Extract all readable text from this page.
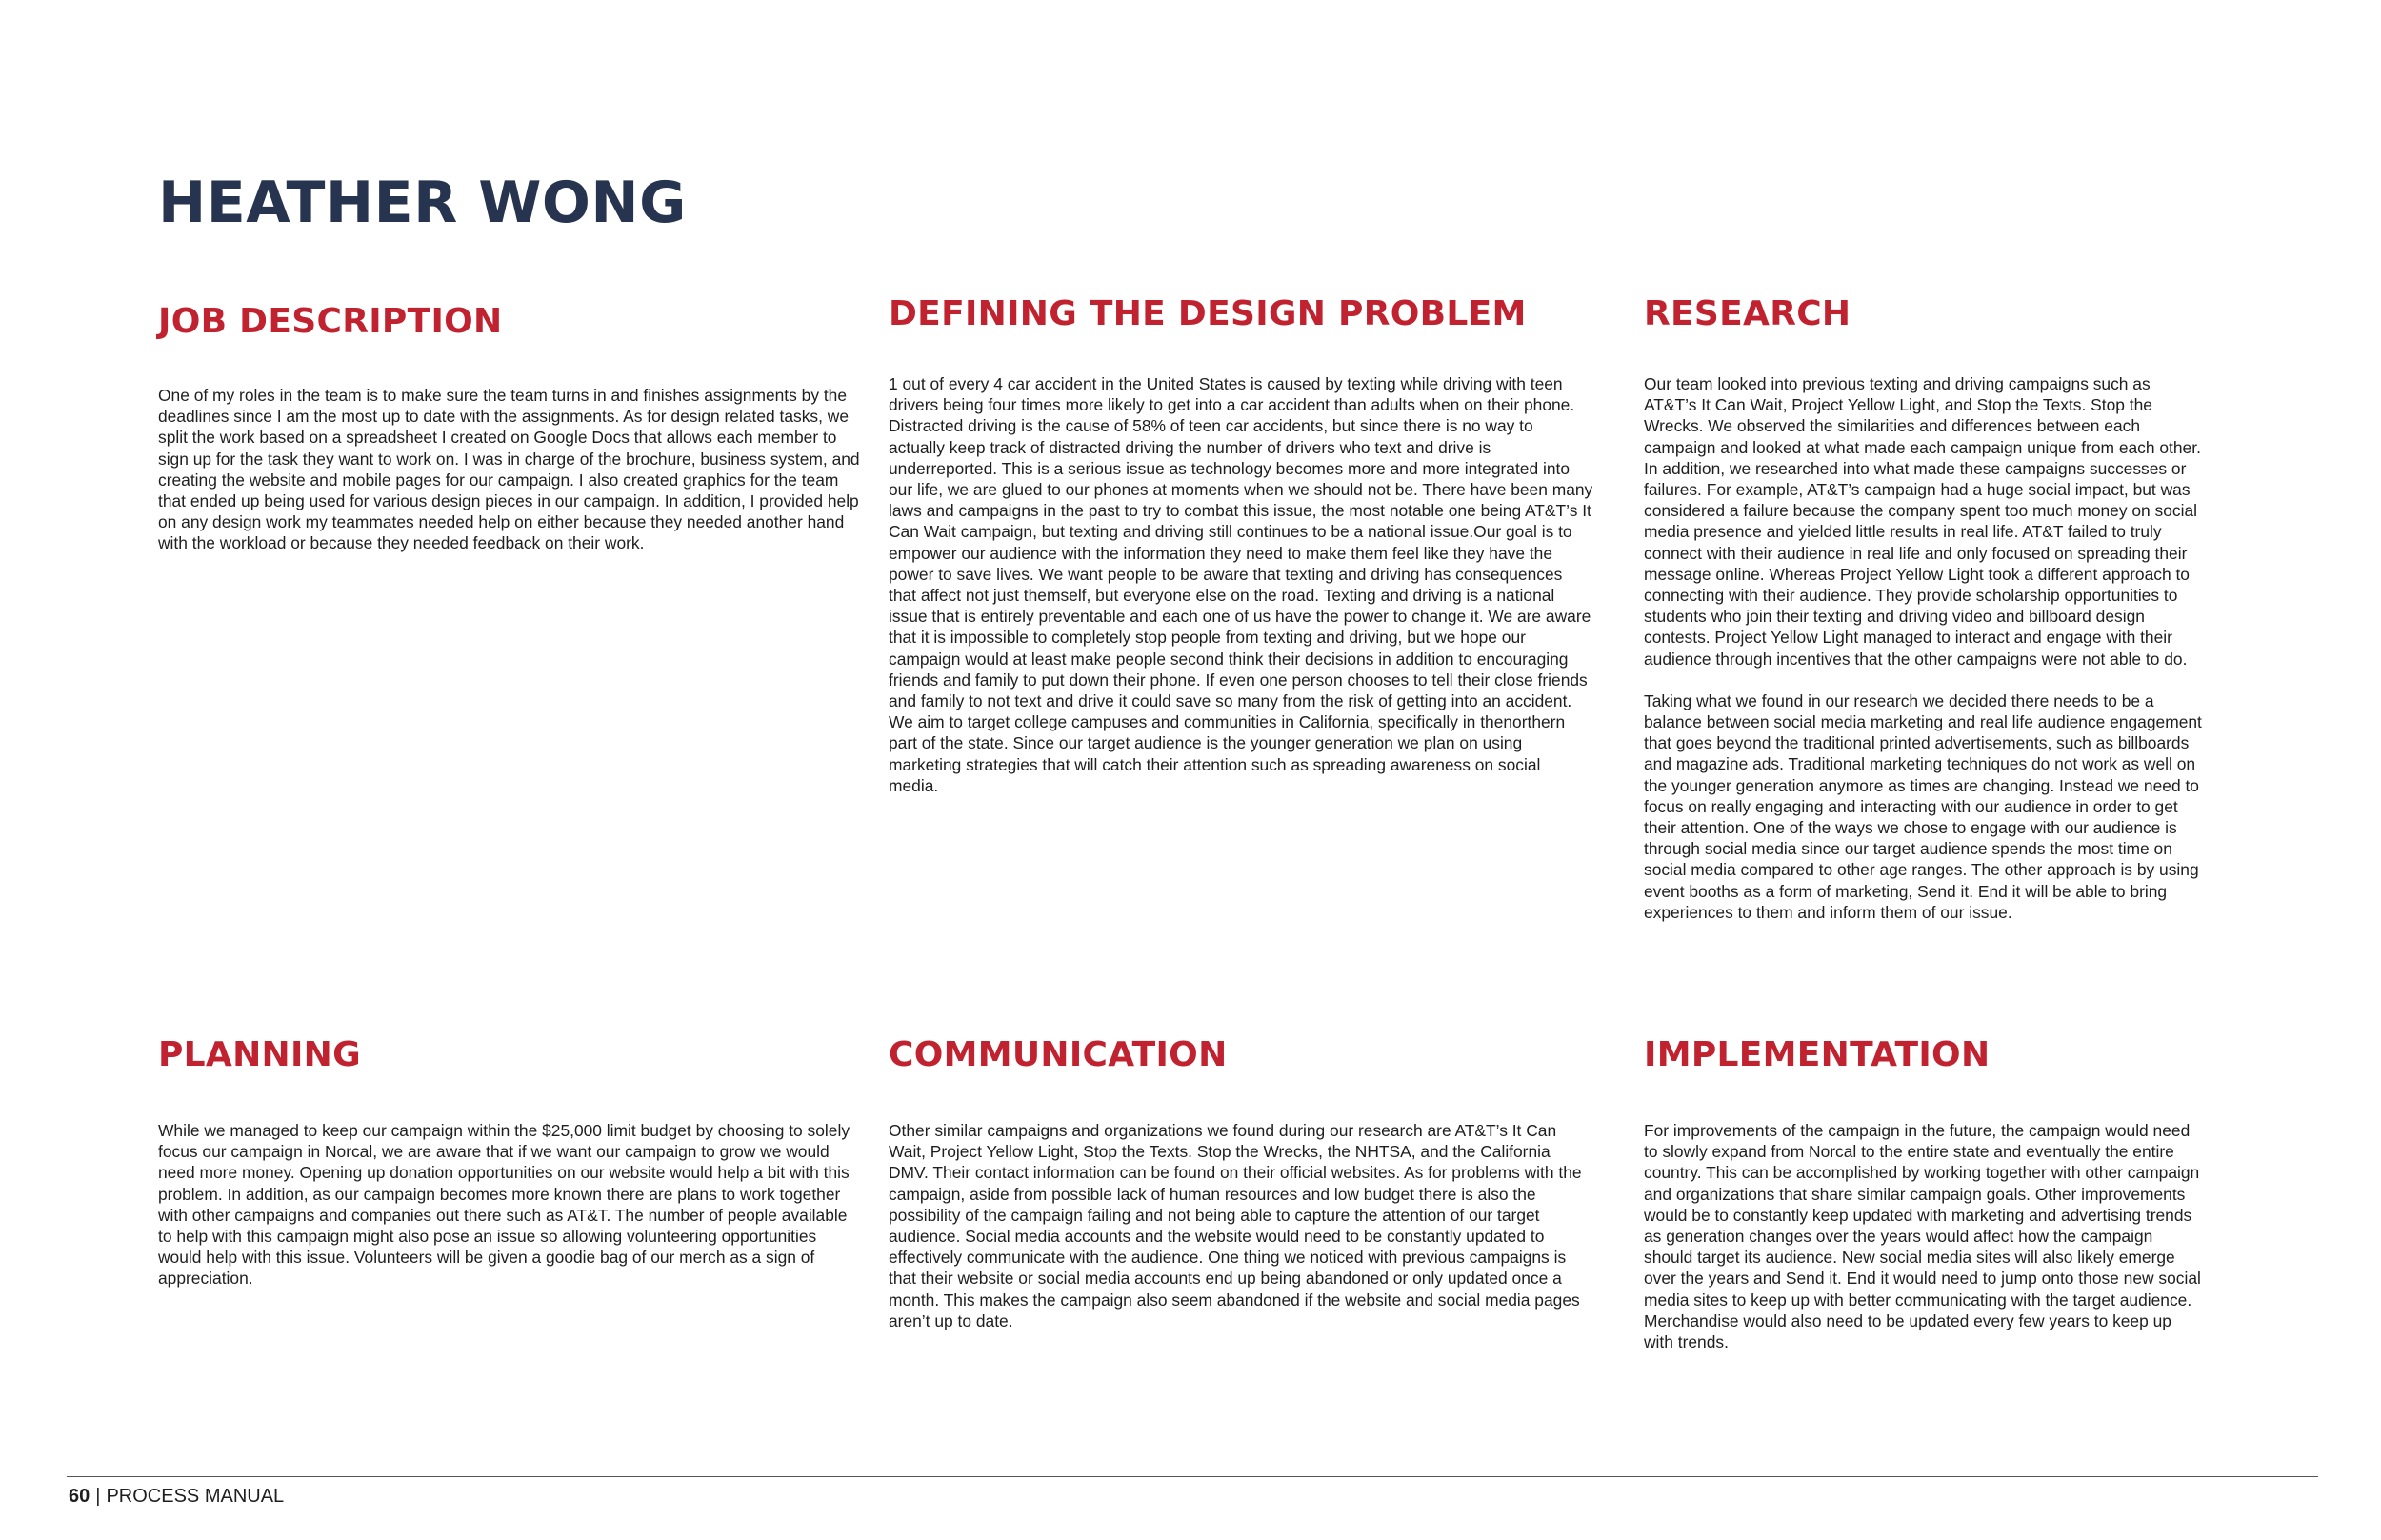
HEATHER WONG
JOB DESCRIPTION

One of my roles in the team is to make sure the team turns in and finishes assignments by the deadlines since I am the most up to date with the assignments. As for design related tasks, we split the work based on a spreadsheet I created on Google Docs that allows each member to sign up for the task they want to work on. I was in charge of the brochure, business system, and creating the website and mobile pages for our campaign. I also created graphics for the team that ended up being used for various design pieces in our campaign. In addition, I provided help on any design work my teammates needed help on either because they needed another hand with the workload or because they needed feedback on their work.

DEFINING THE DESIGN PROBLEM

1 out of every 4 car accident in the United States is caused by texting while driving with teen drivers being four times more likely to get into a car accident than adults when on their phone. Distracted driving is the cause of 58% of teen car accidents, but since there is no way to actually keep track of distracted driving the number of drivers who text and drive is underreported. This is a serious issue as technology becomes more and more integrated into our life, we are glued to our phones at moments when we should not be. There have been many laws and campaigns in the past to try to combat this issue, the most notable one being AT&T’s It Can Wait campaign, but texting and driving still continues to be a national issue.Our goal is to empower our audience with the information they need to make them feel like they have the power to save lives. We want people to be aware that texting and driving has consequences that affect not just themself, but everyone else on the road. Texting and driving is a national issue that is entirely preventable and each one of us have the power to change it. We are aware that it is impossible to completely stop people from texting and driving, but we hope our campaign would at least make people second think their decisions in addition to encouraging friends and family to put down their phone. If even one person chooses to tell their close friends and family to not text and drive it could save so many from the risk of getting into an accident. We aim to target college campuses and communities in California, specifically in thenorthern part of the state. Since our target audience is the younger generation we plan on using marketing strategies that will catch their attention such as spreading awareness on social media.

RESEARCH

Our team looked into previous texting and driving campaigns such as AT&T’s It Can Wait, Project Yellow Light, and Stop the Texts. Stop the Wrecks. We observed the similarities and differences between each campaign and looked at what made each campaign unique from each other. In addition, we researched into what made these campaigns successes or failures. For example, AT&T’s campaign had a huge social impact, but was considered a failure because the company spent too much money on social media presence and yielded little results in real life. AT&T failed to truly connect with their audience in real life and only focused on spreading their message online. Whereas Project Yellow Light took a different approach to connecting with their audience. They provide scholarship opportunities to students who join their texting and driving video and billboard design contests. Project Yellow Light managed to interact and engage with their audience through incentives that the other campaigns were not able to do.

Taking what we found in our research we decided there needs to be a balance between social media marketing and real life audience engagement that goes beyond the traditional printed advertisements, such as billboards and magazine ads. Traditional marketing techniques do not work as well on the younger generation anymore as times are changing. Instead we need to focus on really engaging and interacting with our audience in order to get their attention. One of the ways we chose to engage with our audience is through social media since our target audience spends the most time on social media compared to other age ranges. The other approach is by using event booths as a form of marketing, Send it. End it will be able to bring experiences to them and inform them of our issue.

PLANNING

While we managed to keep our campaign within the $25,000 limit budget by choosing to solely focus our campaign in Norcal, we are aware that if we want our campaign to grow we would need more money. Opening up donation opportunities on our website would help a bit with this problem. In addition, as our campaign becomes more known there are plans to work together with other campaigns and companies out there such as AT&T. The number of people available to help with this campaign might also pose an issue so allowing volunteering opportunities would help with this issue. Volunteers will be given a goodie bag of our merch as a sign of appreciation.

COMMUNICATION

Other similar campaigns and organizations we found during our research are AT&T’s It Can Wait, Project Yellow Light, Stop the Texts. Stop the Wrecks, the NHTSA, and the California DMV. Their contact information can be found on their official websites. As for problems with the campaign, aside from possible lack of human resources and low budget there is also the possibility of the campaign failing and not being able to capture the attention of our target audience. Social media accounts and the website would need to be constantly updated to effectively communicate with the audience. One thing we noticed with previous campaigns is that their website or social media accounts end up being abandoned or only updated once a month. This makes the campaign also seem abandoned if the website and social media pages aren’t up to date.

IMPLEMENTATION

For improvements of the campaign in the future, the campaign would need to slowly expand from Norcal to the entire state and eventually the entire country. This can be accomplished by working together with other campaign and organizations that share similar campaign goals. Other improvements would be to constantly keep updated with marketing and advertising trends as generation changes over the years would affect how the campaign should target its audience. New social media sites will also likely emerge over the years and Send it. End it would need to jump onto those new social media sites to keep up with better communicating with the target audience. Merchandise would also need to be updated every few years to keep up with trends.

60 | PROCESS MANUAL
